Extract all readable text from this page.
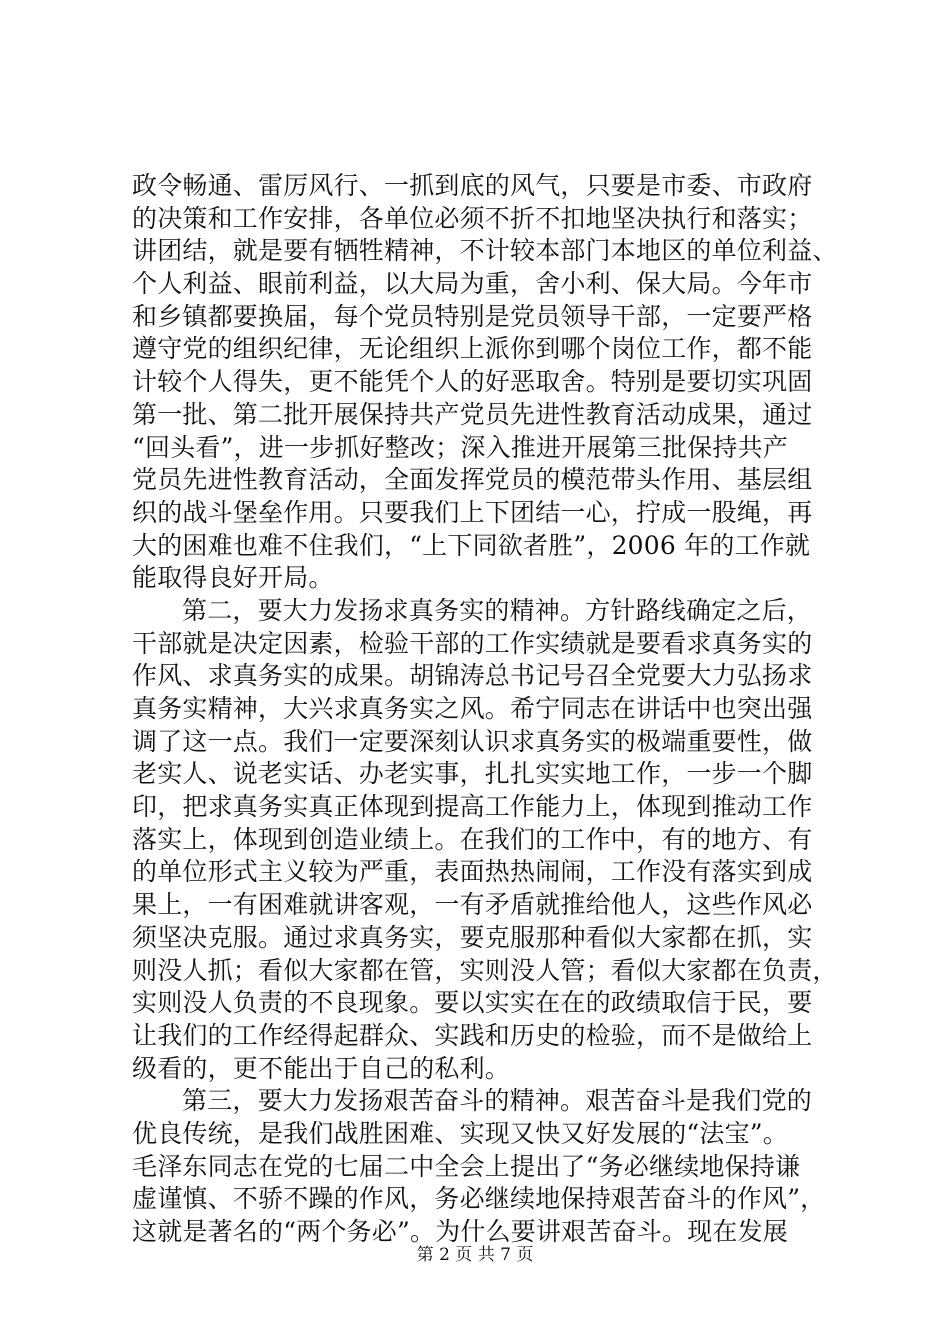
政令畅通、雷厉风行、一抓到底的风气，只要是市委、市政府
的决策和工作安排，各单位必须不折不扣地坚决执行和落实；
讲团结，就是要有牺牲精神，不计较本部门本地区的单位利益、
个人利益、眼前利益，以大局为重，舍小利、保大局。今年市
和乡镇都要换届，每个党员特别是党员领导干部，一定要严格
遵守党的组织纪律，无论组织上派你到哪个岗位工作，都不能
计较个人得失，更不能凭个人的好恶取舍。特别是要切实巩固
第一批、第二批开展保持共产党员先进性教育活动成果，通过
“回头看”，进一步抓好整改；深入推进开展第三批保持共产
党员先进性教育活动，全面发挥党员的模范带头作用、基层组
织的战斗堡垒作用。只要我们上下团结一心，拧成一股绳，再
大的困难也难不住我们，“上下同欲者胜”，2006 年的工作就
能取得良好开局。
第二，要大力发扬求真务实的精神。方针路线确定之后，
干部就是决定因素，检验干部的工作实绩就是要看求真务实的
作风、求真务实的成果。胡锦涛总书记号召全党要大力弘扬求
真务实精神，大兴求真务实之风。希宁同志在讲话中也突出强
调了这一点。我们一定要深刻认识求真务实的极端重要性，做
老实人、说老实话、办老实事，扎扎实实地工作，一步一个脚
印，把求真务实真正体现到提高工作能力上，体现到推动工作
落实上，体现到创造业绩上。在我们的工作中，有的地方、有
的单位形式主义较为严重，表面热热闹闹，工作没有落实到成
果上，一有困难就讲客观，一有矛盾就推给他人，这些作风必
须坚决克服。通过求真务实，要克服那种看似大家都在抓，实
则没人抓；看似大家都在管，实则没人管；看似大家都在负责，
实则没人负责的不良现象。要以实实在在的政绩取信于民，要
让我们的工作经得起群众、实践和历史的检验，而不是做给上
级看的，更不能出于自己的私利。
第三，要大力发扬艰苦奋斗的精神。艰苦奋斗是我们党的
优良传统，是我们战胜困难、实现又快又好发展的“法宝”。
毛泽东同志在党的七届二中全会上提出了“务必继续地保持谦
虚谨慎、不骄不躁的作风，务必继续地保持艰苦奋斗的作风”，
这就是著名的“两个务必”。为什么要讲艰苦奋斗。现在发展
第 2 页 共 7 页
